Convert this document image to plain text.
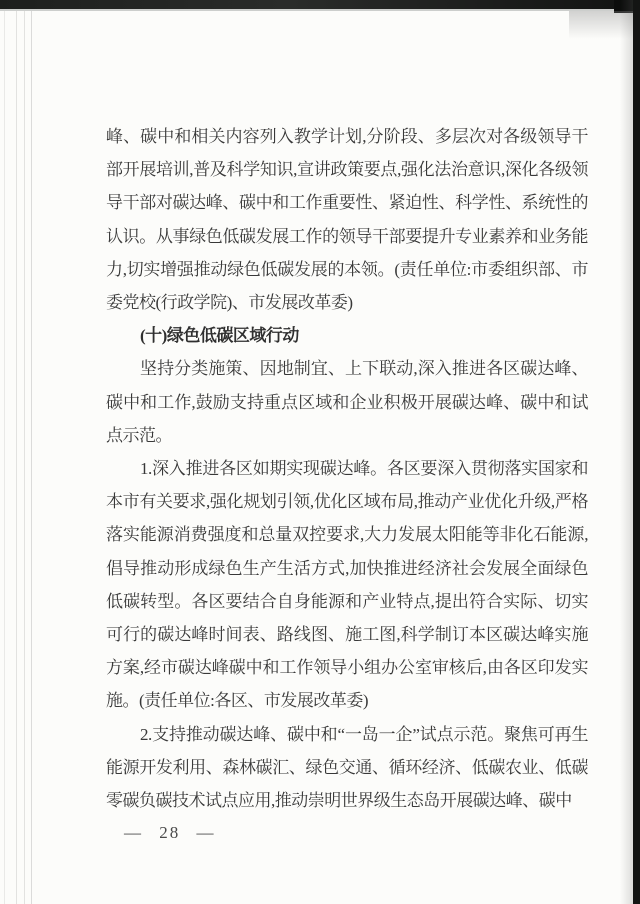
峰、碳中和相关内容列入教学计划,分阶段、多层次对各级领导干部开展培训,普及科学知识,宣讲政策要点,强化法治意识,深化各级领导干部对碳达峰、碳中和工作重要性、紧迫性、科学性、系统性的认识。从事绿色低碳发展工作的领导干部要提升专业素养和业务能力,切实增强推动绿色低碳发展的本领。(责任单位:市委组织部、市委党校(行政学院)、市发展改革委)

(十)绿色低碳区域行动

坚持分类施策、因地制宜、上下联动,深入推进各区碳达峰、碳中和工作,鼓励支持重点区域和企业积极开展碳达峰、碳中和试点示范。

1.深入推进各区如期实现碳达峰。各区要深入贯彻落实国家和本市有关要求,强化规划引领,优化区域布局,推动产业优化升级,严格落实能源消费强度和总量双控要求,大力发展太阳能等非化石能源,倡导推动形成绿色生产生活方式,加快推进经济社会发展全面绿色低碳转型。各区要结合自身能源和产业特点,提出符合实际、切实可行的碳达峰时间表、路线图、施工图,科学制订本区碳达峰实施方案,经市碳达峰碳中和工作领导小组办公室审核后,由各区印发实施。(责任单位:各区、市发展改革委)

2.支持推动碳达峰、碳中和“一岛一企”试点示范。聚焦可再生能源开发利用、森林碳汇、绿色交通、循环经济、低碳农业、低碳零碳负碳技术试点应用,推动崇明世界级生态岛开展碳达峰、碳中

— 28 —
